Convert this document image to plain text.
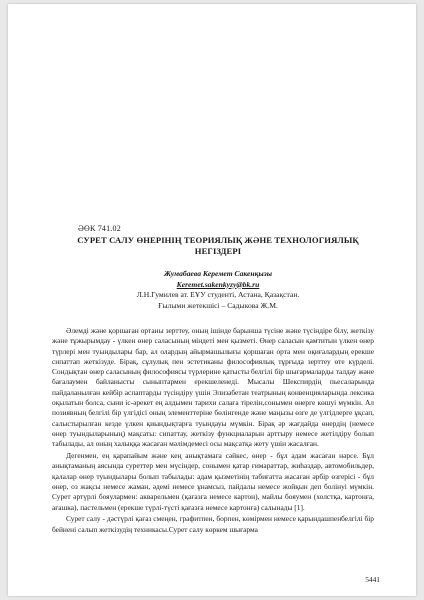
ӘӨК 741.02
СУРЕТ САЛУ ӨНЕРІНІҢ ТЕОРИЯЛЫҚ ЖӘНЕ ТЕХНОЛОГИЯЛЫҚ
НЕГІЗДЕРІ
Жумабаева Керемет Сакенқызы
Keremet.sakenkyzy@bk.ru
Л.Н.Гумилев ат. ЕҰУ студенті, Астана, Қазақстан.
Ғылыми жетекшісі – Садыкова Ж.М.

Әлемді және қоршаған ортаны зерттеу, оның ішінде барынша түсіне және түсіндіре білу, жеткізу және тұжырымдау - үлкен өнер саласының міндеті мен қызметі. Өнер саласын қамтитын үлкен өнер түрлері мен туындылары бар, ал олардың айырмашылығы қоршаған орта мен оқиғалардың ерекше сипаттап жеткізуде. Бірақ, сұлулық пен эстетиканы философиялық тұрғыда зерттеу өте күрделі. Сондықтан өнер саласының философиясы түрлерине қатысты белгілі бір шығармаларды талдау және бағалаумен байланысты сыныптармен ерекшеленеді. Мысалы Шекспирдің пьесаларында пайдаланылған кейбір аспаптарды түсіндіру үшін Элизабетан театрының конвенцияларында лексика оқылатын болса, сыни іс-әрекет ең алдымен тарихи салаға тірелін,сонымен өнерге көшуі мүмкін. Ал позиявның белгілі бір үлгідісі оның элементтеріне бөлінгенде және маңызы өзге де үлгідлерге ұқсап, салыстырылған кезде үлкен қиындықтарға туындауы мүмкін. Бірақ әр жағдайда өнердің (немесе өнер туындыларының) мақсаты: сипаттау, жеткізу функциаларын арттыру немесе жетілдіру болып табылады, ал оның халыққа жасаған мәлімдемесі осы мақсатқа жету үшін жасалған.

Дегенмен, ең қарапайым және кең анықтамаға сәйкес, өнер - бұл адам жасаған нәрсе. Бұл анықтаманың аясында суреттер мен мүсіндер, сонымен қатар ғимараттар, жиһаздар, автомобильдер, қалалар өнер туындылары болып табылады: адам қызметінің табиғатта жасаған әрбір өзгерісі - бұл өнер, оз жақсы немесе жаман, әдемі немесе ұнамсыз, пайдалы немесе жойқын деп болінуі мүмкін. Сурет әртүрлі бояулармен: акварельмен (қағазға немесе картон), майлы бояумен (холстқа, картонға, ағашка), пастельмен (ерекше түрлі-түсті қағазға немесе картонға) салынады [1].

Сурет салу - дәстүрлі қағаз смеңен, графитпен, борпен, көмірмен немесе қарындашпенбелгілі бір бейнені салып жеткізудің техникасы.Сурет салу көркем шығарма

5441
